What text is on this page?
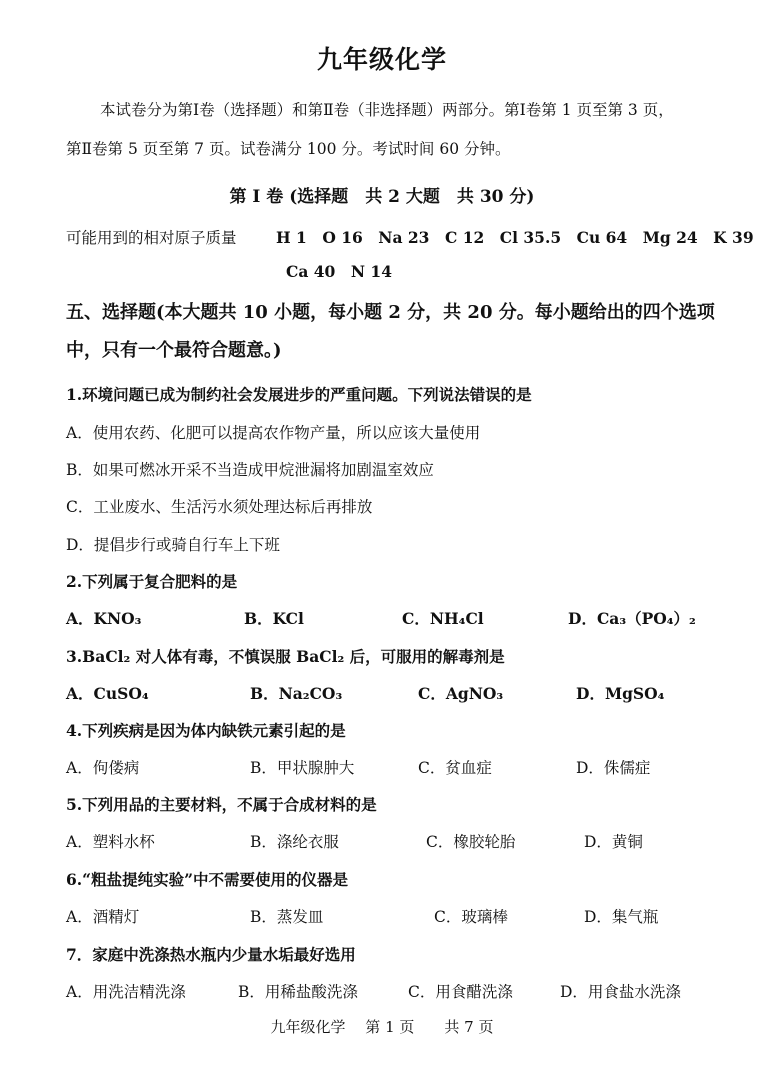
九年级化学
本试卷分为第Ⅰ卷（选择题）和第Ⅱ卷（非选择题）两部分。第Ⅰ卷第 1 页至第 3 页，
第Ⅱ卷第 5 页至第 7 页。试卷满分 100 分。考试时间 60 分钟。
第 Ⅰ 卷 (选择题　共 2 大题　共 30 分)
可能用到的相对原子质量	H 1　O 16　Na 23　C 12　Cl 35.5　Cu 64　Mg 24　K 39
Ca 40　N 14
五、选择题(本大题共 10 小题，每小题 2 分，共 20 分。每小题给出的四个选项
中，只有一个最符合题意。)
1.环境问题已成为制约社会发展进步的严重问题。下列说法错误的是
A．使用农药、化肥可以提高农作物产量，所以应该大量使用
B．如果可燃冰开采不当造成甲烷泄漏将加剧温室效应
C．工业废水、生活污水须处理达标后再排放
D．提倡步行或骑自行车上下班
2.下列属于复合肥料的是
A．KNO₃	B．KCl	C．NH₄Cl	D．Ca₃（PO₄）₂
3.BaCl₂ 对人体有毒，不慎误服 BaCl₂ 后，可服用的解毒剂是
A．CuSO₄	B．Na₂CO₃	C．AgNO₃	D．MgSO₄
4.下列疾病是因为体内缺铁元素引起的是
A．佝偻病	B．甲状腺肿大	C．贫血症	D．侏儒症
5.下列用品的主要材料，不属于合成材料的是
A．塑料水杯	B．涤纶衣服	C．橡胶轮胎	D．黄铜
6.“粗盐提纯实验”中不需要使用的仪器是
A．酒精灯	B．蒸发皿	C．玻璃棒	D．集气瓶
7．家庭中洗涤热水瓶内少量水垢最好选用
A．用洗洁精洗涤	B．用稀盐酸洗涤	C．用食醋洗涤	D．用食盐水洗涤
九年级化学　 第 1 页　　共 7 页
